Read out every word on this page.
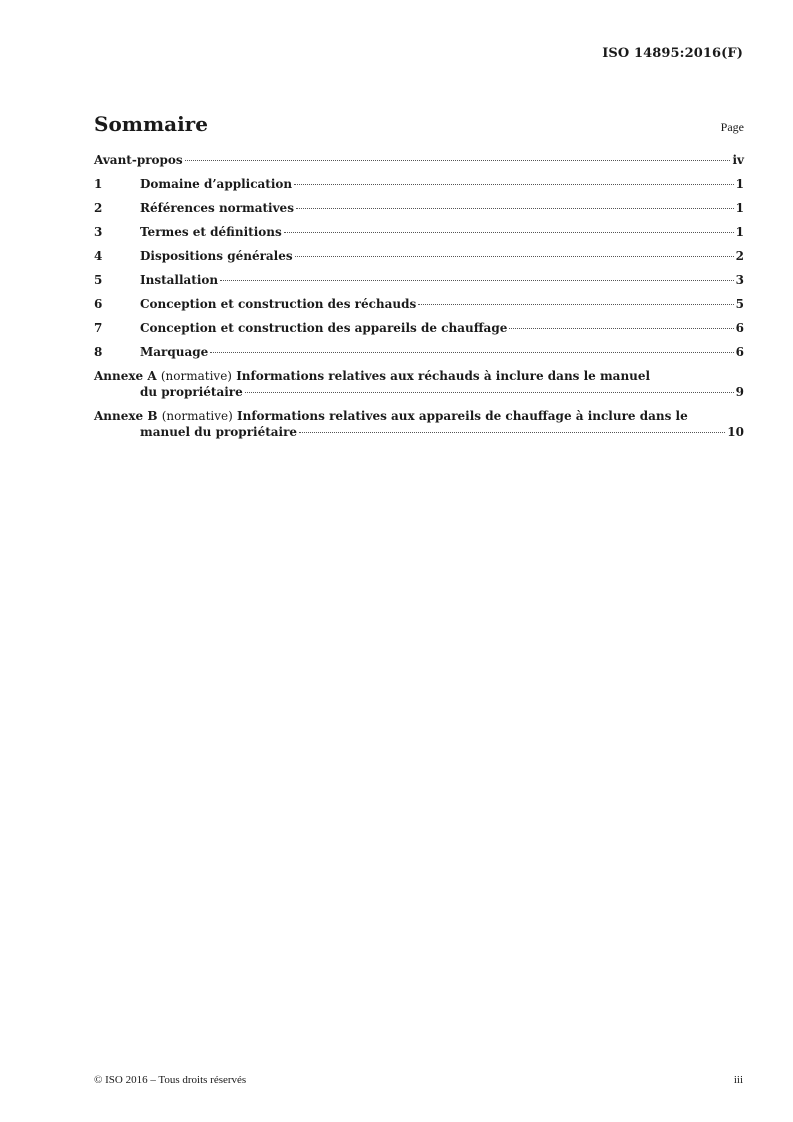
ISO 14895:2016(F)
Sommaire	Page
Avant-propos	iv
1	Domaine d’application	1
2	Références normatives	1
3	Termes et définitions	1
4	Dispositions générales	2
5	Installation	3
6	Conception et construction des réchauds	5
7	Conception et construction des appareils de chauffage	6
8	Marquage	6
Annexe A (normative) Informations relatives aux réchauds à inclure dans le manuel
du propriétaire	9
Annexe B (normative) Informations relatives aux appareils de chauffage à inclure dans le
manuel du propriétaire	10
© ISO 2016 – Tous droits réservés	iii
